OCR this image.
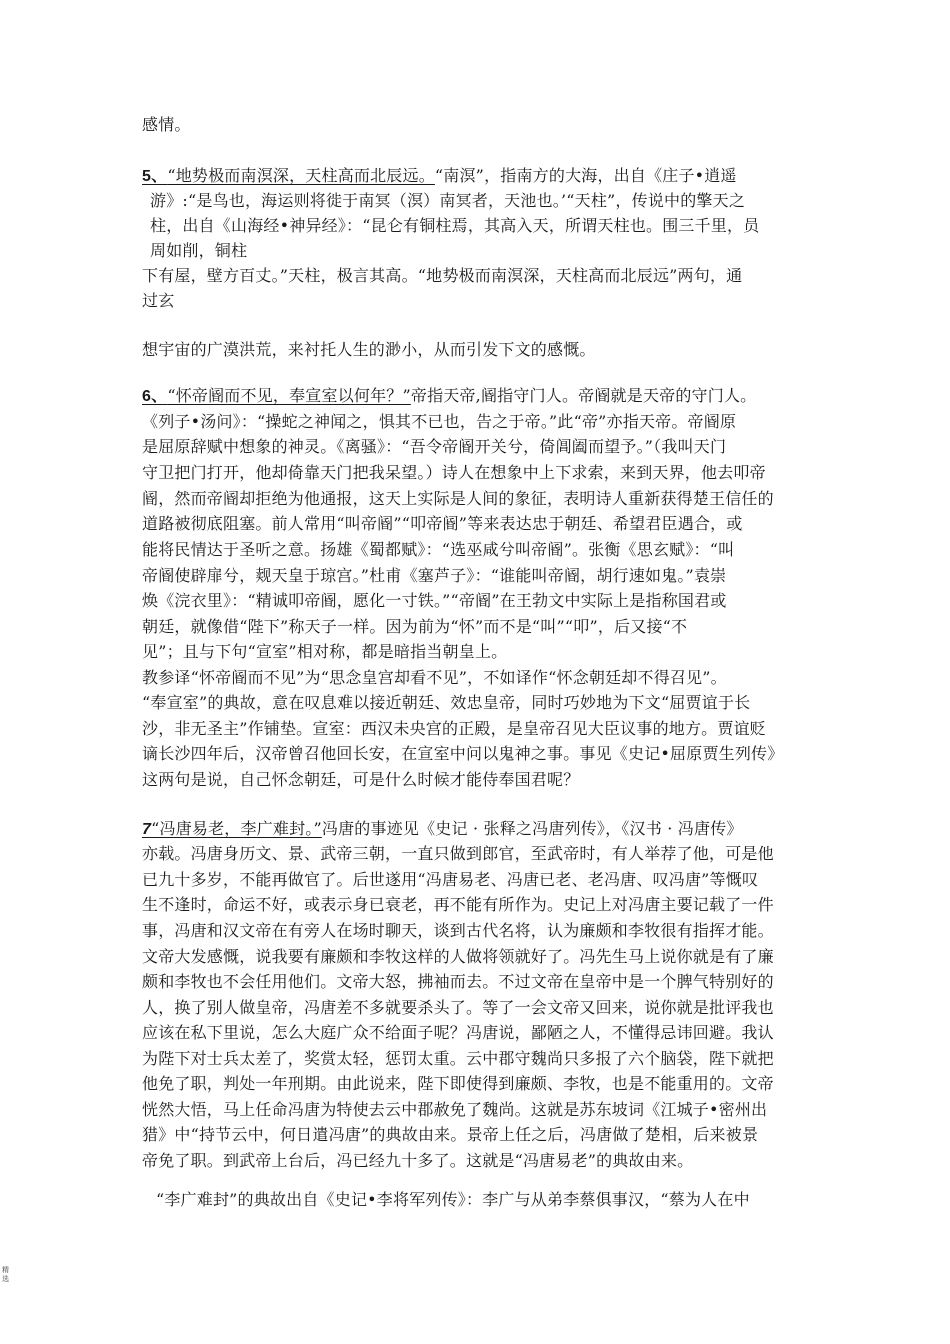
感情。
5、“地势极而南溟深，天柱高而北辰远。“南溟”，指南方的大海，出自《庄子•逍遥
游》:“是鸟也，海运则将徙于南冥（溟）南冥者，天池也。’“天柱”，传说中的擎天之
柱，出自《山海经•神异经》：“昆仑有铜柱焉，其高入天，所谓天柱也。围三千里，员
周如削，铜柱
下有屋，壁方百丈。”天柱，极言其高。“地势极而南溟深，天柱高而北辰远”两句，通
过玄
想宇宙的广漠洪荒，来衬托人生的渺小，从而引发下文的感慨。
6、“怀帝阍而不见，奉宣室以何年？”帝指天帝,阍指守门人。帝阍就是天帝的守门人。
《列子•汤问》：“操蛇之神闻之，惧其不已也，告之于帝。”此“帝”亦指天帝。帝阍原
是屈原辞赋中想象的神灵。《离骚》：“吾令帝阍开关兮，倚阊阖而望予。”（我叫天门
守卫把门打开，他却倚靠天门把我呆望。）诗人在想象中上下求索，来到天界，他去叩帝
阍，然而帝阍却拒绝为他通报，这天上实际是人间的象征，表明诗人重新获得楚王信任的
道路被彻底阻塞。前人常用“叫帝阍”“叩帝阍”等来表达忠于朝廷、希望君臣遇合，或
能将民情达于圣听之意。扬雄《蜀都赋》：“选巫咸兮叫帝阍”。张衡《思玄赋》：“叫
帝阍使辟扉兮，觌天皇于琼宫。”杜甫《塞芦子》：“谁能叫帝阍，胡行速如鬼。”袁崇
焕《浣衣里》：“精诚叩帝阍，愿化一寸铁。”“帝阍”在王勃文中实际上是指称国君或
朝廷，就像借“陛下”称天子一样。因为前为“怀”而不是“叫”“叩”，后又接“不
见”；且与下句“宣室”相对称，都是暗指当朝皇上。
教参译“怀帝阍而不见”为“思念皇宫却看不见”，不如译作“怀念朝廷却不得召见”。
“奉宣室”的典故，意在叹息难以接近朝廷、效忠皇帝，同时巧妙地为下文“屈贾谊于长
沙，非无圣主”作铺垫。宣室：西汉未央宫的正殿，是皇帝召见大臣议事的地方。贾谊贬
谪长沙四年后，汉帝曾召他回长安，在宣室中问以鬼神之事。事见《史记•屈原贾生列传》
这两句是说，自己怀念朝廷，可是什么时候才能侍奉国君呢？
7“冯唐易老，李广难封。”冯唐的事迹见《史记 · 张释之冯唐列传》，《汉书 · 冯唐传》
亦载。冯唐身历文、景、武帝三朝，一直只做到郎官，至武帝时，有人举荐了他，可是他
已九十多岁，不能再做官了。后世遂用“冯唐易老、冯唐已老、老冯唐、叹冯唐”等慨叹
生不逢时，命运不好，或表示身已衰老，再不能有所作为。史记上对冯唐主要记载了一件
事，冯唐和汉文帝在有旁人在场时聊天，谈到古代名将，认为廉颇和李牧很有指挥才能。
文帝大发感慨，说我要有廉颇和李牧这样的人做将领就好了。冯先生马上说你就是有了廉
颇和李牧也不会任用他们。文帝大怒，拂袖而去。不过文帝在皇帝中是一个脾气特别好的
人，换了别人做皇帝，冯唐差不多就要杀头了。等了一会文帝又回来，说你就是批评我也
应该在私下里说，怎么大庭广众不给面子呢？冯唐说，鄙陋之人，不懂得忌讳回避。我认
为陛下对士兵太差了，奖赏太轻，惩罚太重。云中郡守魏尚只多报了六个脑袋，陛下就把
他免了职，判处一年刑期。由此说来，陛下即使得到廉颇、李牧，也是不能重用的。文帝
恍然大悟，马上任命冯唐为特使去云中郡赦免了魏尚。这就是苏东坡词《江城子•密州出
猎》中“持节云中，何日遣冯唐”的典故由来。景帝上任之后，冯唐做了楚相，后来被景
帝免了职。到武帝上台后，冯已经九十多了。这就是“冯唐易老”的典故由来。
“李广难封”的典故出自《史记•李将军列传》：李广与从弟李蔡俱事汉，“蔡为人在中
精选
